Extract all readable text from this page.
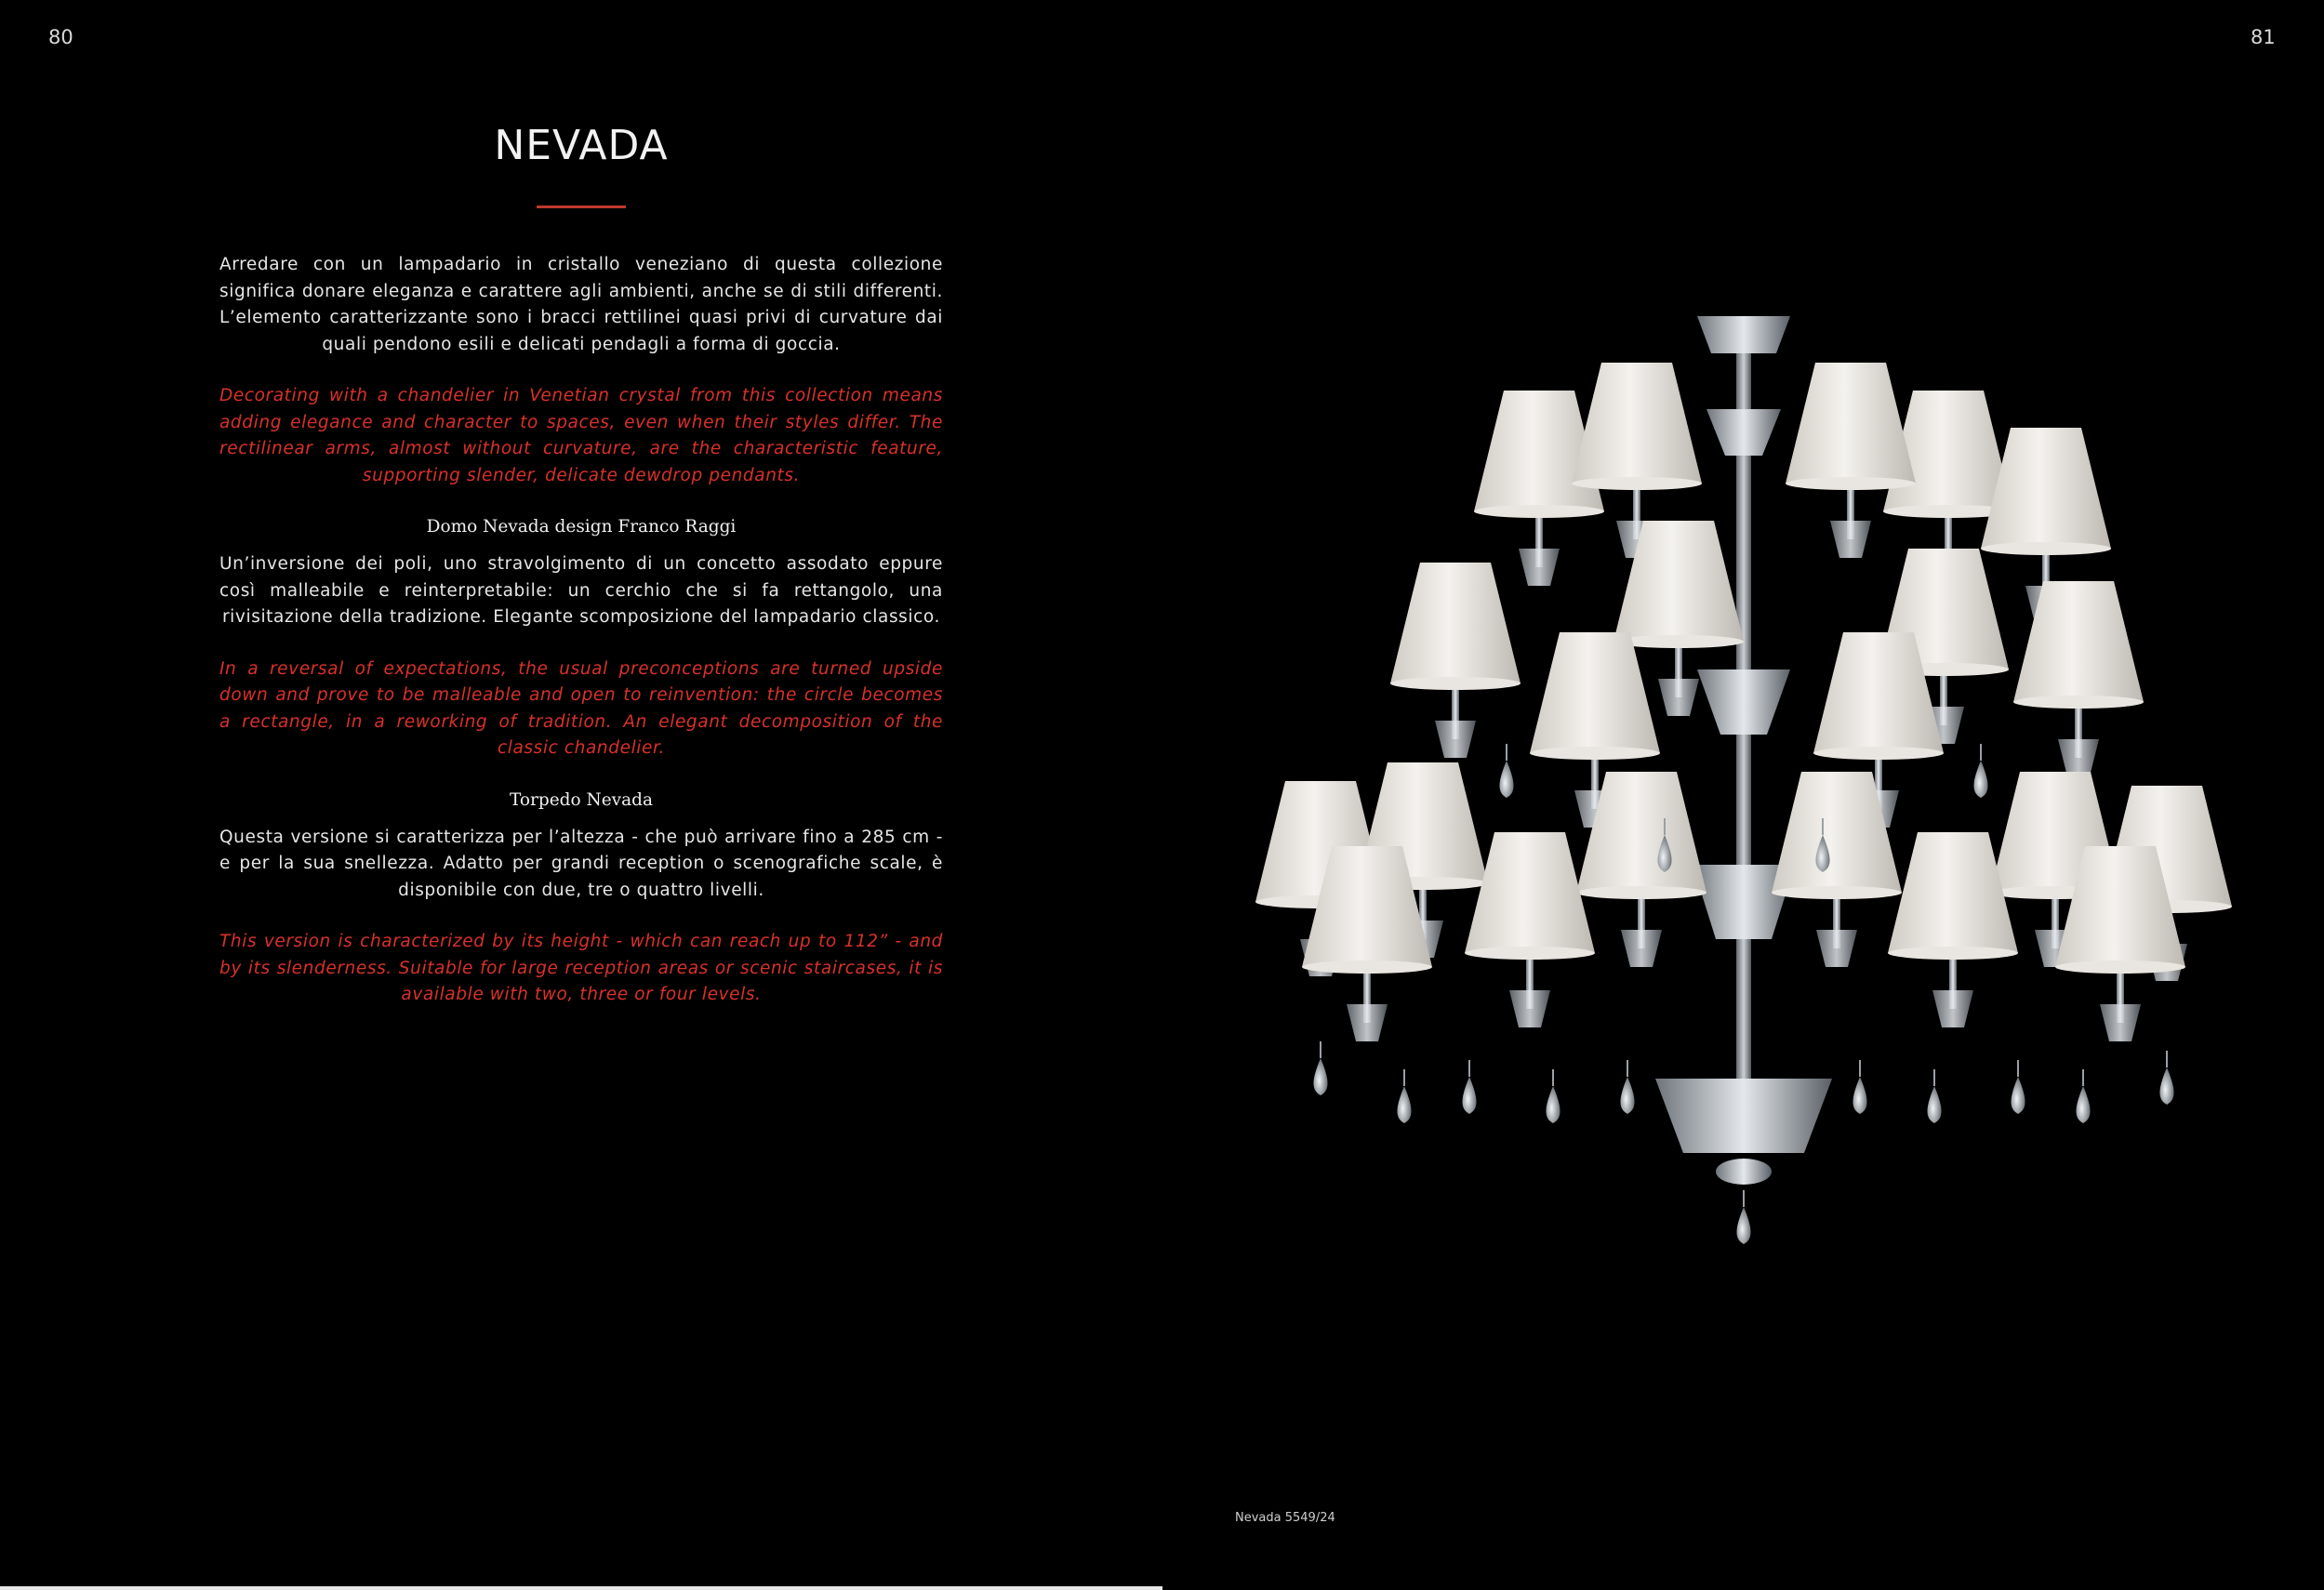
80	81
NEVADA

Arredare con un lampadario in cristallo veneziano di questa collezione significa donare eleganza e carattere agli ambienti, anche se di stili differenti. L’elemento caratterizzante sono i bracci rettilinei quasi privi di curvature dai quali pendono esili e delicati pendagli a forma di goccia.

Decorating with a chandelier in Venetian crystal from this collection means adding elegance and character to spaces, even when their styles differ. The rectilinear arms, almost without curvature, are the characteristic feature, supporting slender, delicate dewdrop pendants.

Domo Nevada design Franco Raggi

Un’inversione dei poli, uno stravolgimento di un concetto assodato eppure così malleabile e reinterpretabile: un cerchio che si fa rettangolo, una rivisitazione della tradizione. Elegante scomposizione del lampadario classico.

In a reversal of expectations, the usual preconceptions are turned upside down and prove to be malleable and open to reinvention: the circle becomes a rectangle, in a reworking of tradition. An elegant decomposition of the classic chandelier.

Torpedo Nevada

Questa versione si caratterizza per l’altezza - che può arrivare fino a 285 cm - e per la sua snellezza. Adatto per grandi reception o scenografiche scale, è disponibile con due, tre o quattro livelli.

This version is characterized by its height - which can reach up to 112” - and by its slenderness. Suitable for large reception areas or scenic staircases, it is available with two, three or four levels.

Nevada 5549/24
